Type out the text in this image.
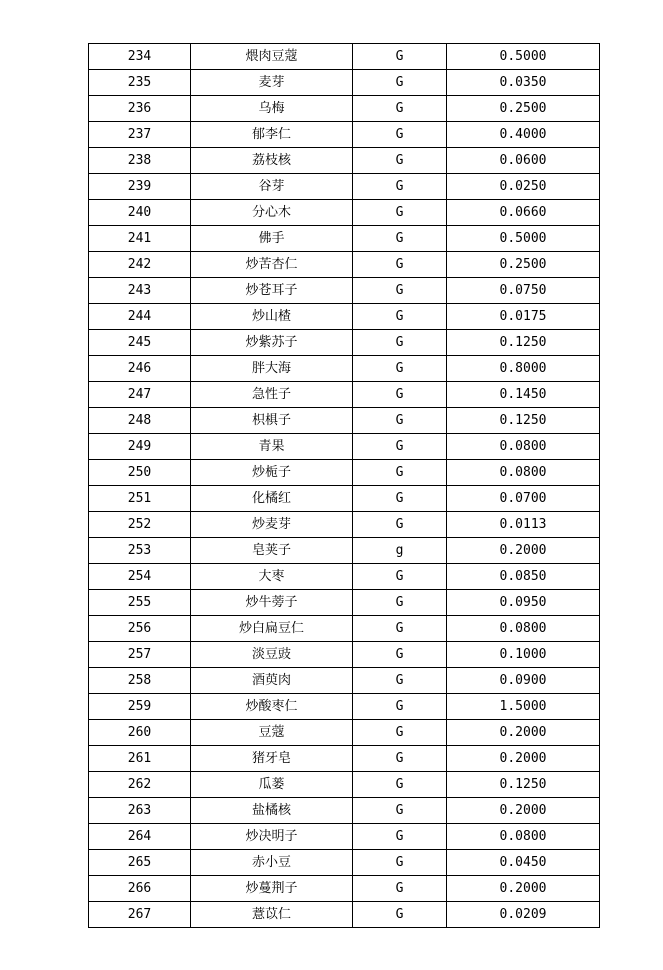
234	煨肉豆蔻	G	0.5000
235	麦芽	G	0.0350
236	乌梅	G	0.2500
237	郁李仁	G	0.4000
238	荔枝核	G	0.0600
239	谷芽	G	0.0250
240	分心木	G	0.0660
241	佛手	G	0.5000
242	炒苦杏仁	G	0.2500
243	炒苍耳子	G	0.0750
244	炒山楂	G	0.0175
245	炒紫苏子	G	0.1250
246	胖大海	G	0.8000
247	急性子	G	0.1450
248	枳椇子	G	0.1250
249	青果	G	0.0800
250	炒栀子	G	0.0800
251	化橘红	G	0.0700
252	炒麦芽	G	0.0113
253	皂荚子	g	0.2000
254	大枣	G	0.0850
255	炒牛蒡子	G	0.0950
256	炒白扁豆仁	G	0.0800
257	淡豆豉	G	0.1000
258	酒萸肉	G	0.0900
259	炒酸枣仁	G	1.5000
260	豆蔻	G	0.2000
261	猪牙皂	G	0.2000
262	瓜蒌	G	0.1250
263	盐橘核	G	0.2000
264	炒决明子	G	0.0800
265	赤小豆	G	0.0450
266	炒蔓荆子	G	0.2000
267	薏苡仁	G	0.0209
